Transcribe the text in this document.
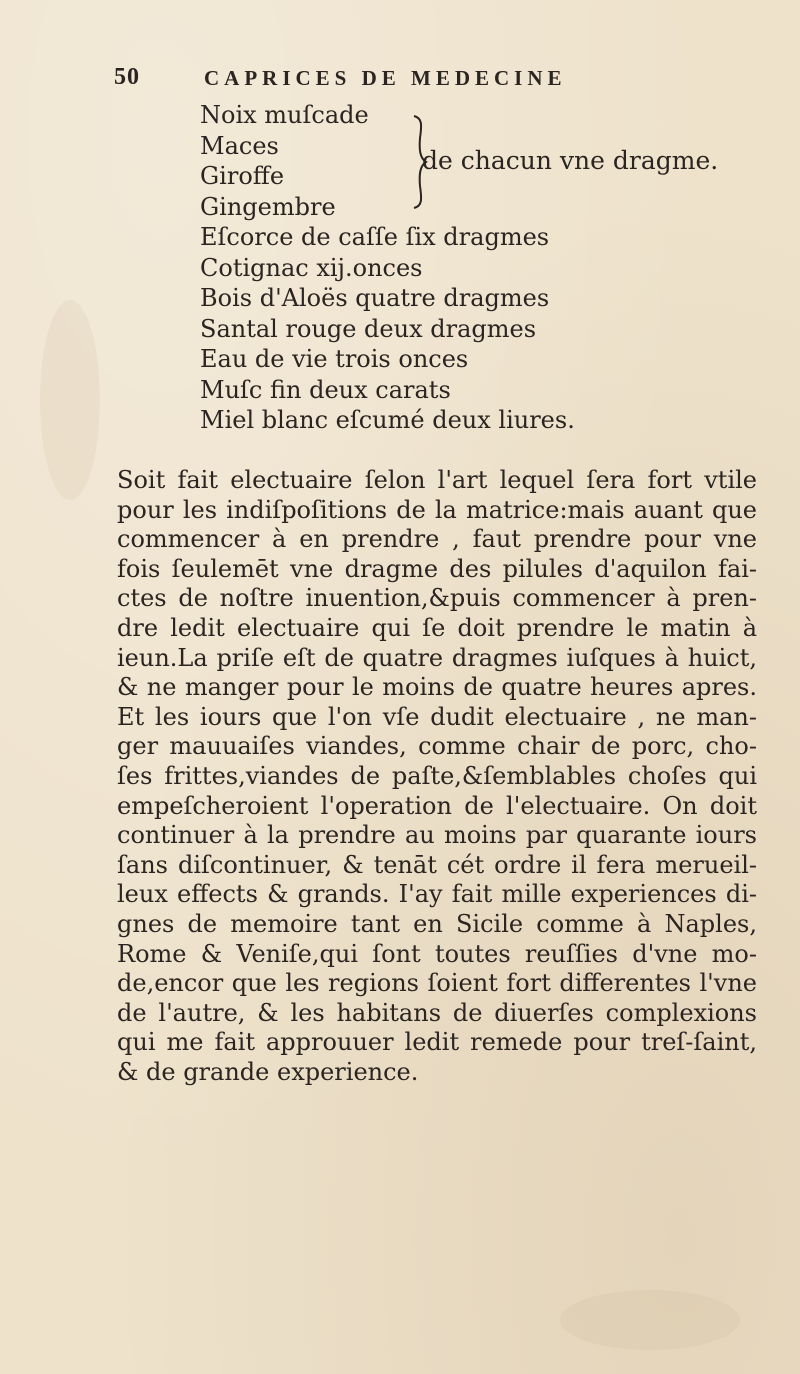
50	CAPRICES DE MEDECINE
Noix muſcade
Maces
Giroffe
Gingembre
de chacun vne dragme.
Eſcorce de caſſe ſix dragmes
Cotignac xij.onces
Bois d'Aloës quatre dragmes
Santal rouge deux dragmes
Eau de vie trois onces
Muſc fin deux carats
Miel blanc eſcumé deux liures.
Soit fait electuaire ſelon l'art lequel ſera fort vtile
pour les indiſpoſitions de la matrice:mais auant que
commencer à en prendre , faut prendre pour vne
fois ſeulemēt vne dragme des pilules d'aquilon fai-
ctes de noſtre inuention,&puis commencer à pren-
dre ledit electuaire qui ſe doit prendre le matin à
ieun.La priſe eſt de quatre dragmes iuſques à huict,
& ne manger pour le moins de quatre heures apres.
Et les iours que l'on vſe dudit electuaire , ne man-
ger mauuaiſes viandes, comme chair de porc, cho-
ſes frittes,viandes de paſte,&ſemblables choſes qui
empeſcheroient l'operation de l'electuaire. On doit
continuer à la prendre au moins par quarante iours
ſans diſcontinuer, & tenāt cét ordre il fera merueil-
leux effects & grands. I'ay fait mille experiences di-
gnes de memoire tant en Sicile comme à Naples,
Rome & Veniſe,qui ſont toutes reuſſies d'vne mo-
de,encor que les regions ſoient fort differentes l'vne
de l'autre, & les habitans de diuerſes complexions
qui me fait approuuer ledit remede pour treſ-ſaint,
& de grande experience.
